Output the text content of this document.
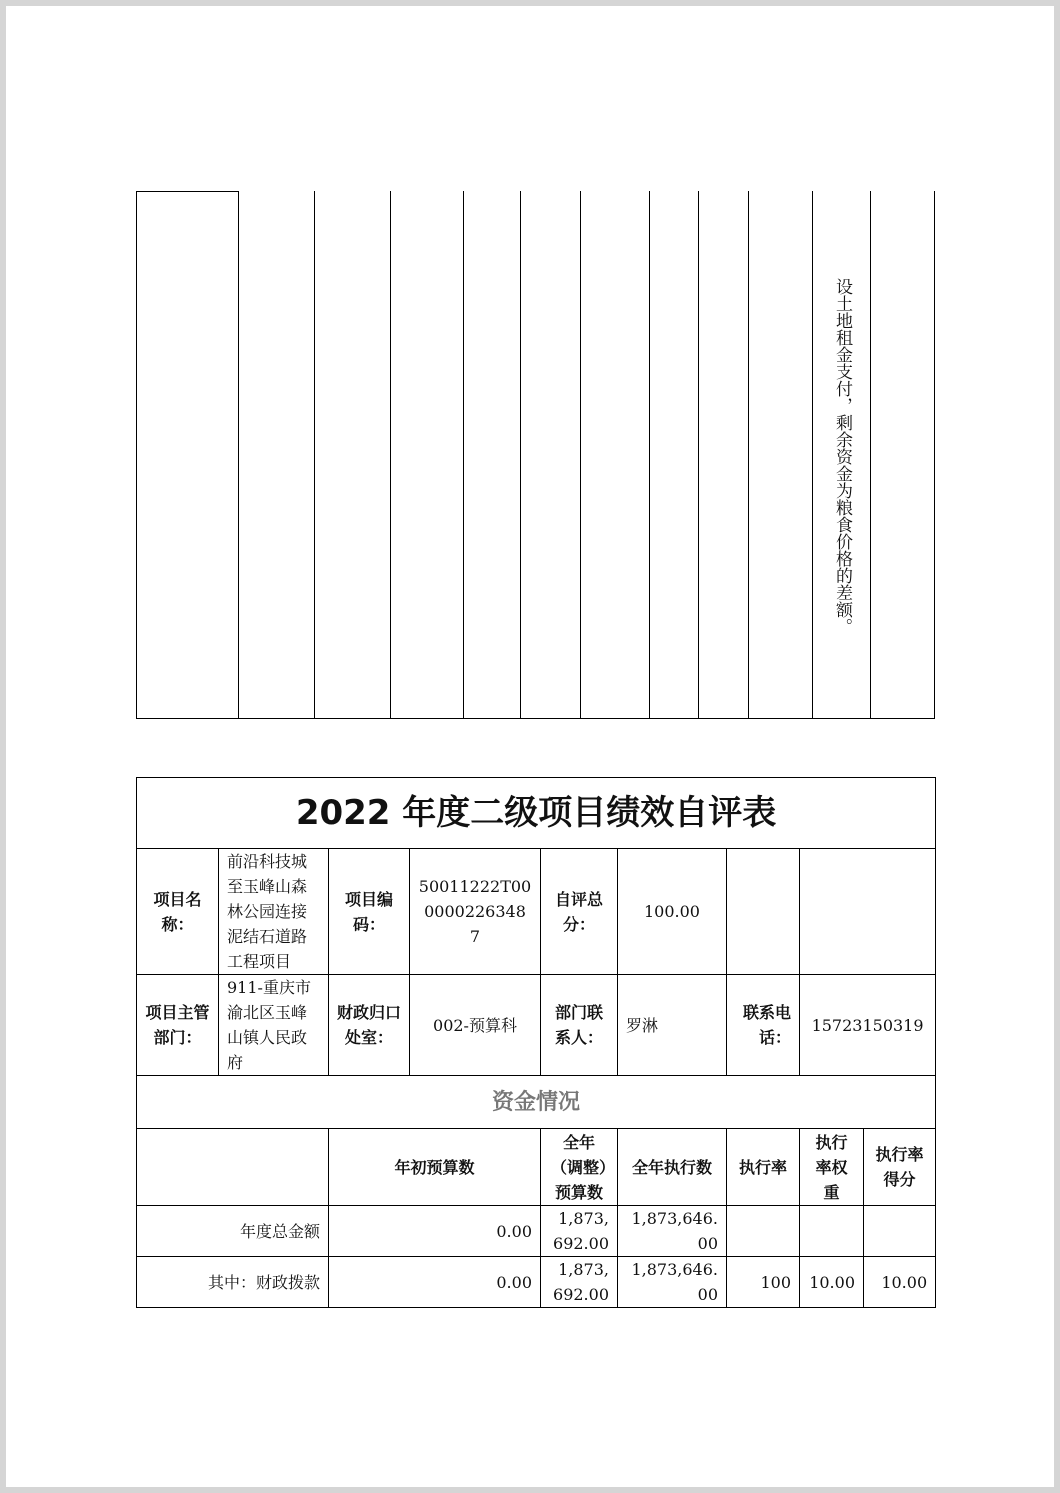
设土地租金支付，剩余资金为粮食价格的差额。
2022 年度二级项目绩效自评表								
项目名称：	前沿科技城至玉峰山森林公园连接泥结石道路工程项目	项目编码：	50011222T000000226348 7	自评总分：	100.00			
项目主管部门：	911-重庆市渝北区玉峰山镇人民政府	财政归口处室：	002-预算科	部门联系人：	罗淋	联系电话：	15723150319	
资金情况								
		年初预算数		全年（调整）预算数	全年执行数	执行率	执行率权重	执行率得分
年度总金额		0.00		1,873,692.00	1,873,646.00			
其中：财政拨款		0.00		1,873,692.00	1,873,646.00	100	10.00	10.00
